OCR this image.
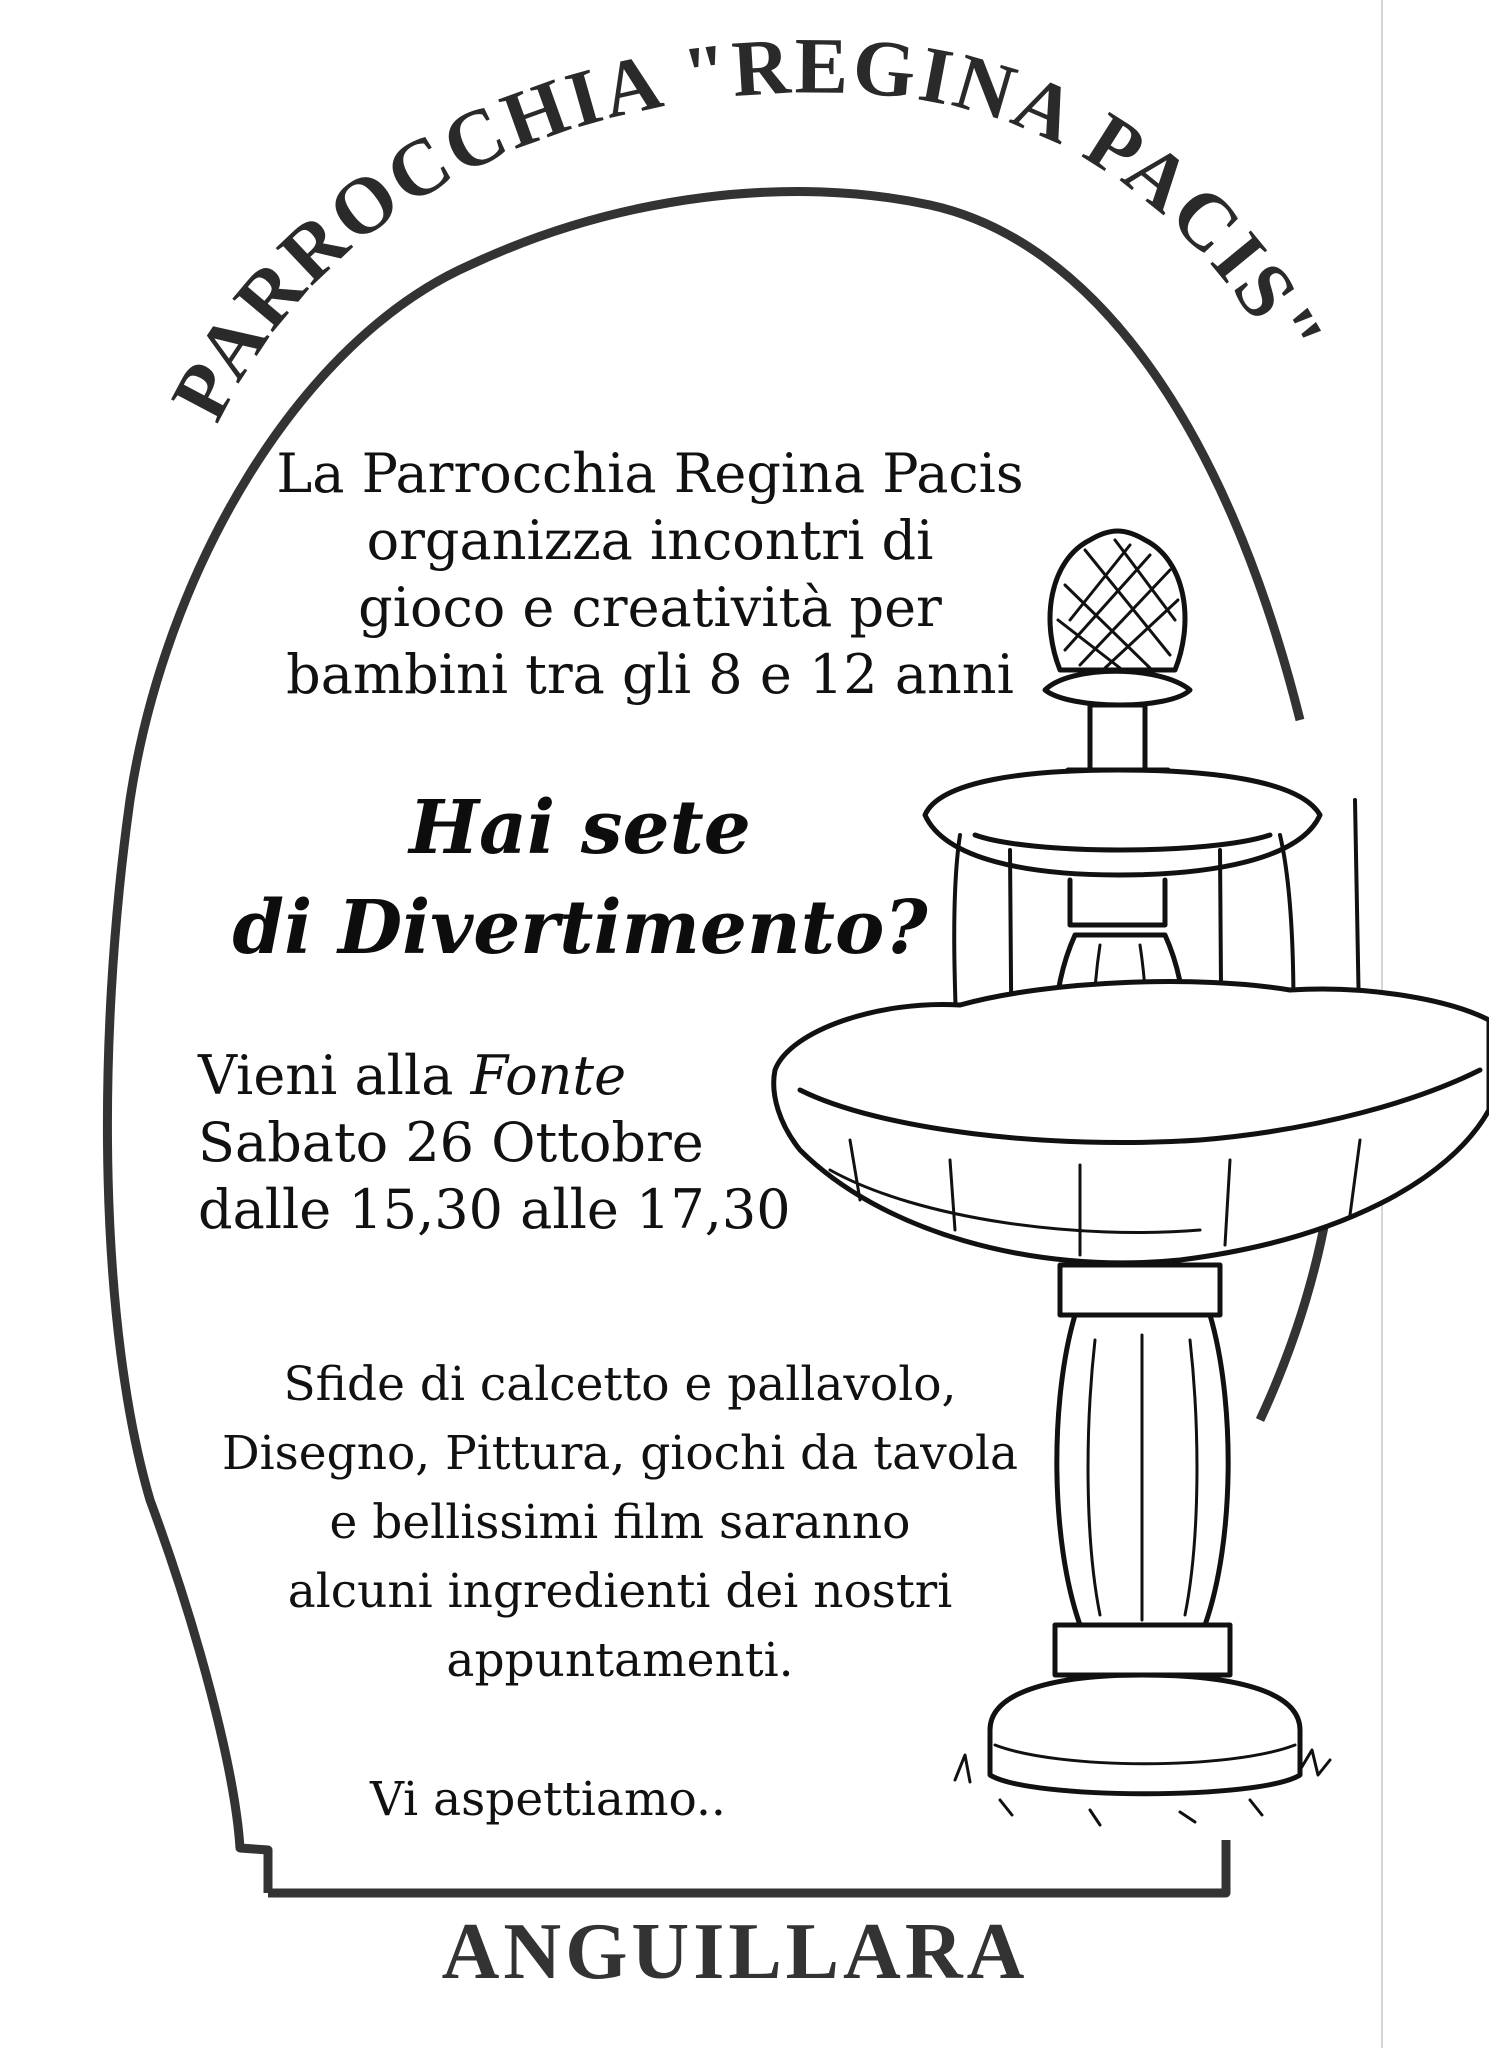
PARROCCHIA "REGINA PACIS"
ANGUILLARA
La Parrocchia Regina Pacis
organizza incontri di
gioco e creatività per
bambini tra gli 8 e 12 anni
Hai sete
di Divertimento?
Vieni alla Fonte
Sabato 26 Ottobre
dalle 15,30 alle 17,30
Sfide di calcetto e pallavolo,
Disegno, Pittura, giochi da tavola
e bellissimi film saranno
alcuni ingredienti dei nostri
appuntamenti.
Vi aspettiamo..
